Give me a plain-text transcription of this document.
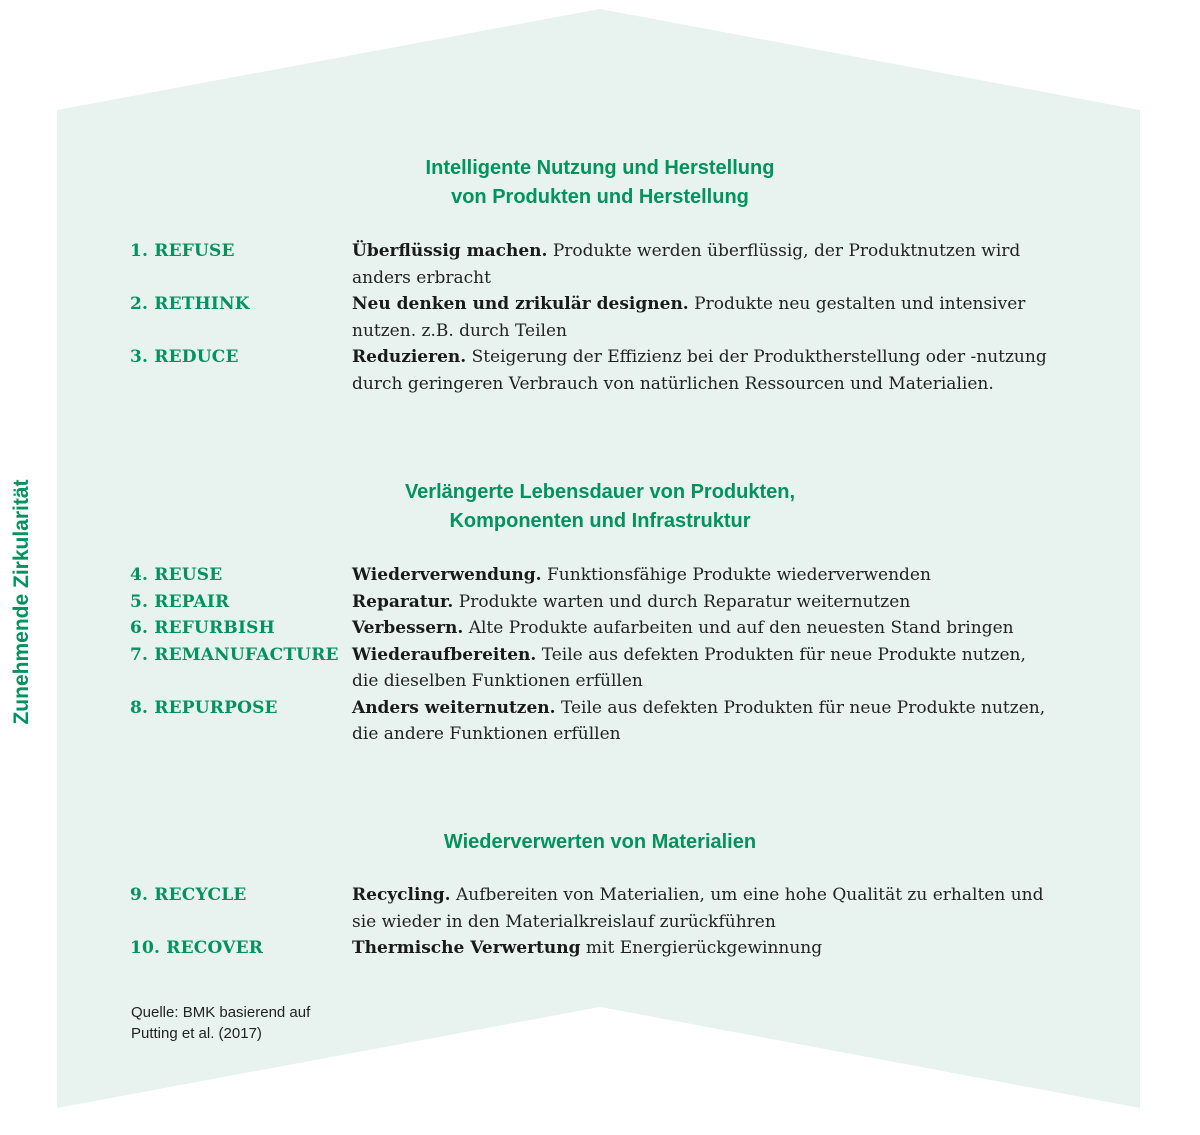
Zunehmende Zirkularität
Intelligente Nutzung und Herstellung
von Produkten und Herstellung
1. REFUSE	Überflüssig machen. Produkte werden überflüssig, der Produktnutzen wird anders erbracht
2. RETHINK	Neu denken und zrikulär designen. Produkte neu gestalten und intensiver nutzen. z.B. durch Teilen
3. REDUCE	Reduzieren. Steigerung der Effizienz bei der Produktherstellung oder -nutzung durch geringeren Verbrauch von natürlichen Ressourcen und Materialien.
Verlängerte Lebensdauer von Produkten,
Komponenten und Infrastruktur
4. REUSE	Wiederverwendung. Funktionsfähige Produkte wiederverwenden
5. REPAIR	Reparatur. Produkte warten und durch Reparatur weiternutzen
6. REFURBISH	Verbessern. Alte Produkte aufarbeiten und auf den neuesten Stand bringen
7. REMANUFACTURE Wiederaufbereiten. Teile aus defekten Produkten für neue Produkte nutzen, die dieselben Funktionen erfüllen
8. REPURPOSE	Anders weiternutzen. Teile aus defekten Produkten für neue Produkte nutzen, die andere Funktionen erfüllen
Wiederverwerten von Materialien
9. RECYCLE	Recycling. Aufbereiten von Materialien, um eine hohe Qualität zu erhalten und sie wieder in den Materialkreislauf zurückführen
10. RECOVER	Thermische Verwertung mit Energierückgewinnung
Quelle: BMK basierend auf
Putting et al. (2017)
